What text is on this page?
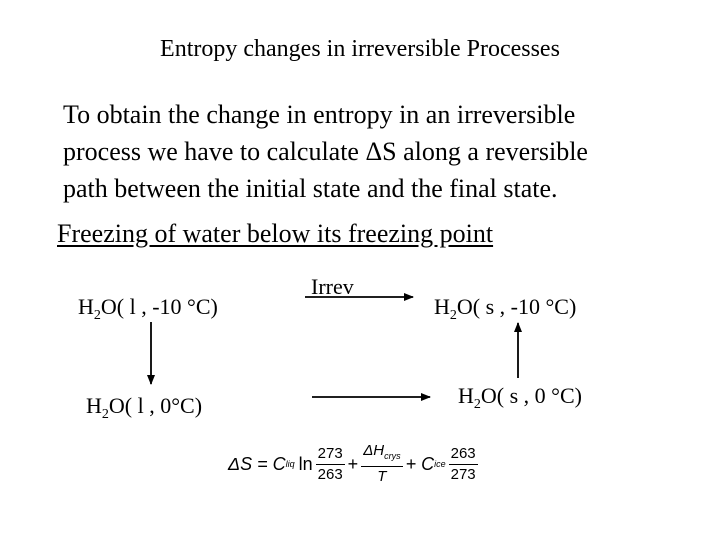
Entropy changes in irreversible Processes
To obtain the change in entropy in an irreversible
process we have to calculate ΔS along a reversible
path between the initial state and the final state.
Freezing of water below its freezing point
$H_2O$( l , -10 °C)
$H_2O$( l , 0°C)
$H_2O$( s , -10 °C)
$H_2O$( s , 0 °C)
Irrev
ΔS = C liq $\ln \frac{273}{263} + \frac{\Delta H_{crys}}{T} + C$ ice $\frac{263}{273}$
